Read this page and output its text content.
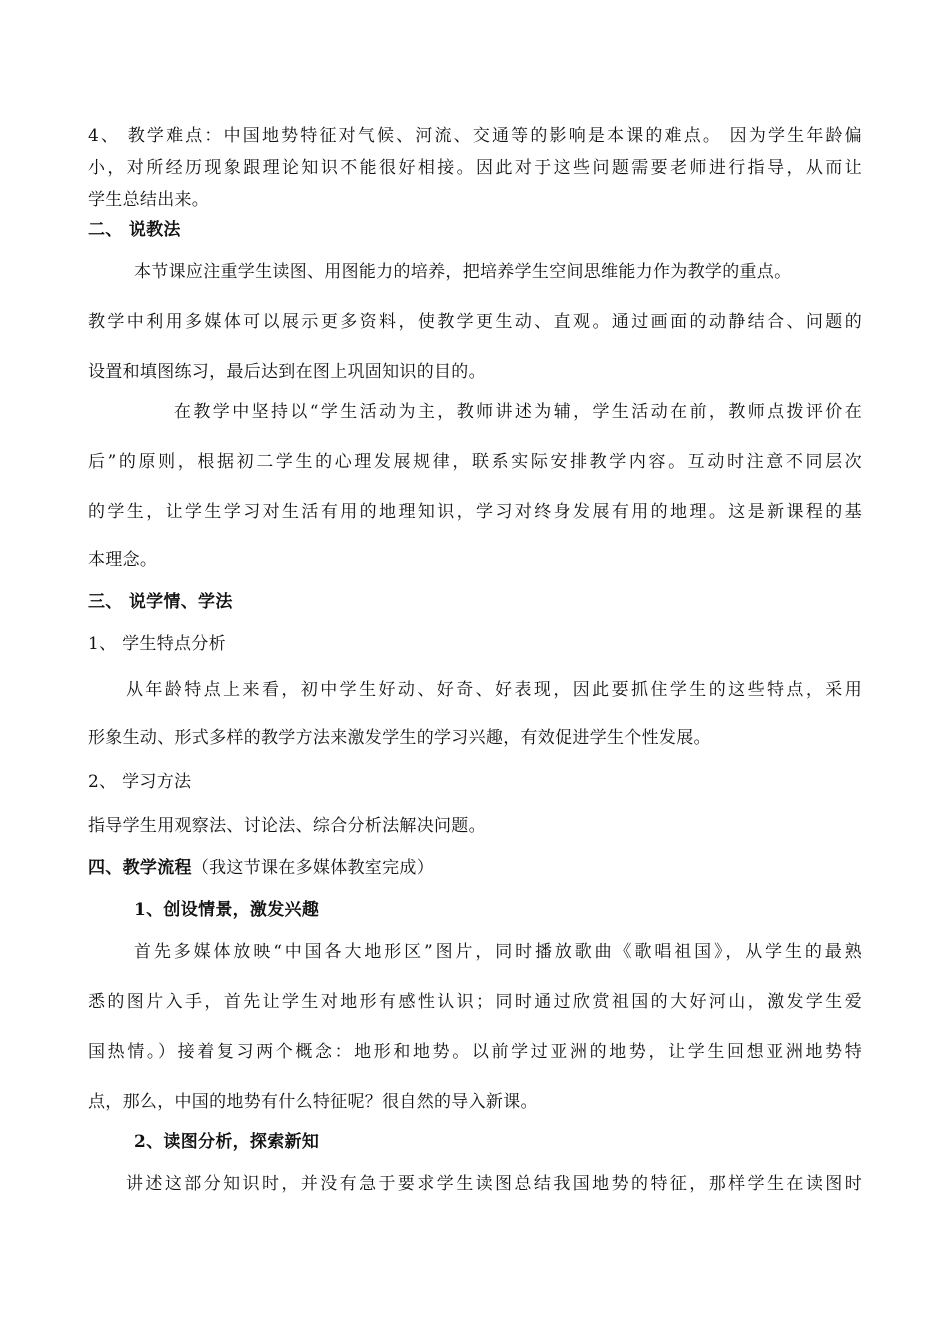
4、 教学难点：中国地势特征对气候、河流、交通等的影响是本课的难点。 因为学生年龄偏
小，对所经历现象跟理论知识不能很好相接。因此对于这些问题需要老师进行指导，从而让
学生总结出来。
二、 说教法
本节课应注重学生读图、用图能力的培养，把培养学生空间思维能力作为教学的重点。
教学中利用多媒体可以展示更多资料，使教学更生动、直观。通过画面的动静结合、问题的
设置和填图练习，最后达到在图上巩固知识的目的。
在教学中坚持以“学生活动为主，教师讲述为辅，学生活动在前，教师点拨评价在
后”的原则，根据初二学生的心理发展规律，联系实际安排教学内容。互动时注意不同层次
的学生，让学生学习对生活有用的地理知识，学习对终身发展有用的地理。这是新课程的基
本理念。
三、 说学情、学法
1、 学生特点分析
从年龄特点上来看，初中学生好动、好奇、好表现，因此要抓住学生的这些特点，采用
形象生动、形式多样的教学方法来激发学生的学习兴趣，有效促进学生个性发展。
2、 学习方法
指导学生用观察法、讨论法、综合分析法解决问题。
四、教学流程（我这节课在多媒体教室完成）
1、创设情景，激发兴趣
首先多媒体放映“中国各大地形区”图片，同时播放歌曲《歌唱祖国》，从学生的最熟
悉的图片入手，首先让学生对地形有感性认识；同时通过欣赏祖国的大好河山，激发学生爱
国热情。）接着复习两个概念：地形和地势。以前学过亚洲的地势，让学生回想亚洲地势特
点，那么，中国的地势有什么特征呢？很自然的导入新课。
2、读图分析，探索新知
讲述这部分知识时，并没有急于要求学生读图总结我国地势的特征，那样学生在读图时
